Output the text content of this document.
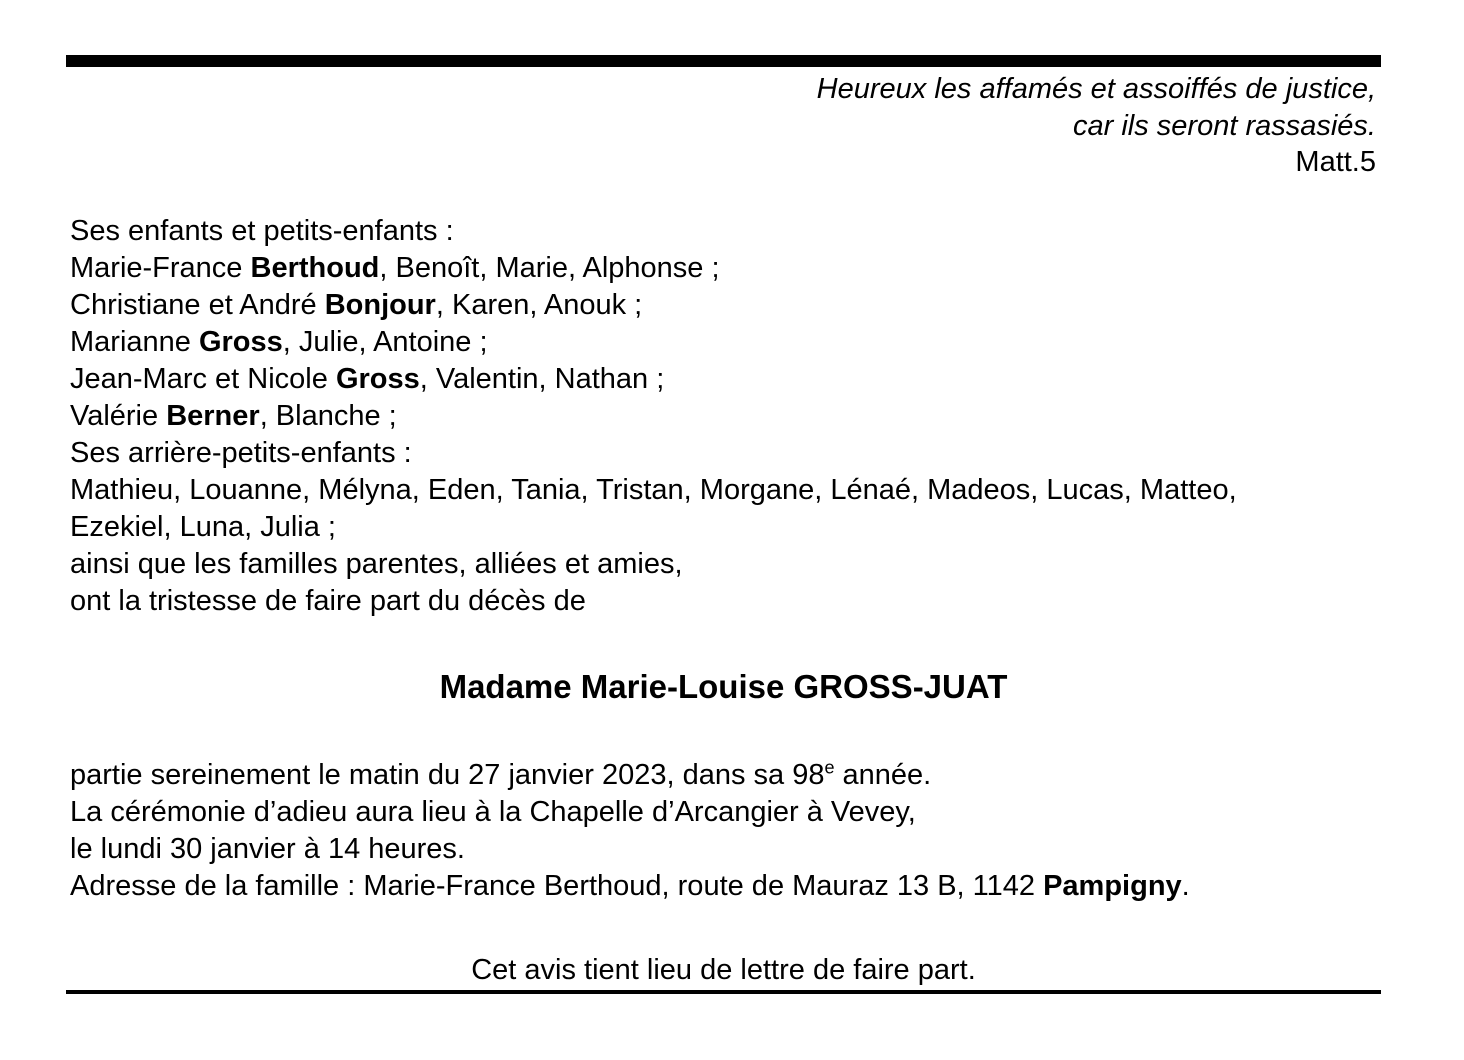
Heureux les affamés et assoiffés de justice,
car ils seront rassasiés.
Matt.5
Ses enfants et petits-enfants :
Marie-France Berthoud, Benoît, Marie, Alphonse ;
Christiane et André Bonjour, Karen, Anouk ;
Marianne Gross, Julie, Antoine ;
Jean-Marc et Nicole Gross, Valentin, Nathan ;
Valérie Berner, Blanche ;
Ses arrière-petits-enfants :
Mathieu, Louanne, Mélyna, Eden, Tania, Tristan, Morgane, Lénaé, Madeos, Lucas, Matteo,
Ezekiel, Luna, Julia ;
ainsi que les familles parentes, alliées et amies,
ont la tristesse de faire part du décès de
Madame Marie-Louise GROSS-JUAT
partie sereinement le matin du 27 janvier 2023, dans sa 98e année.
La cérémonie d’adieu aura lieu à la Chapelle d’Arcangier à Vevey,
le lundi 30 janvier à 14 heures.
Adresse de la famille : Marie-France Berthoud, route de Mauraz 13 B, 1142 Pampigny.
Cet avis tient lieu de lettre de faire part.
